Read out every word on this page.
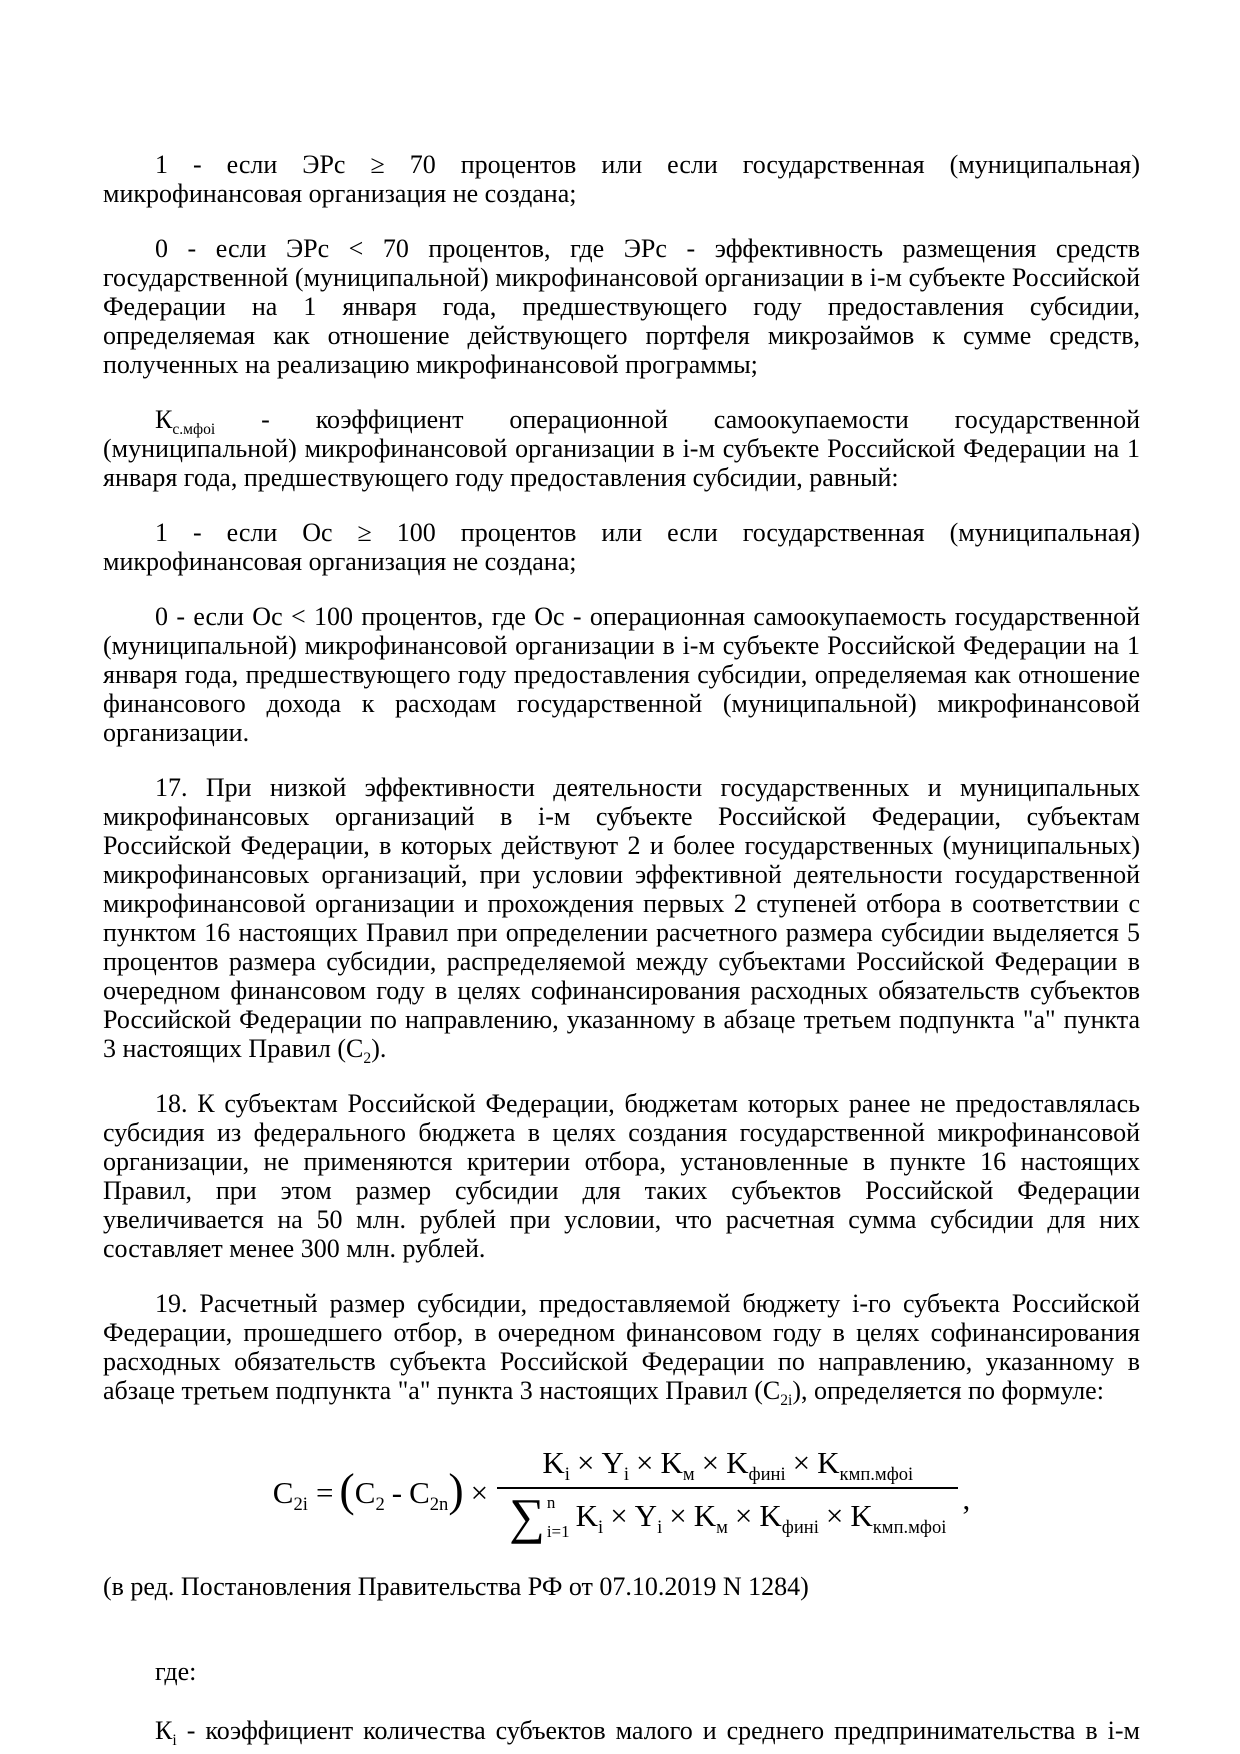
1 - если ЭРс ≥ 70 процентов или если государственная (муниципальная) микрофинансовая организация не создана;

0 - если ЭРс < 70 процентов, где ЭРс - эффективность размещения средств государственной (муниципальной) микрофинансовой организации в i-м субъекте Российской Федерации на 1 января года, предшествующего году предоставления субсидии, определяемая как отношение действующего портфеля микрозаймов к сумме средств, полученных на реализацию микрофинансовой программы;

$К_{с.мфоі}$ - коэффициент операционной самоокупаемости государственной (муниципальной) микрофинансовой организации в i-м субъекте Российской Федерации на 1 января года, предшествующего году предоставления субсидии, равный:

1 - если Ос ≥ 100 процентов или если государственная (муниципальная) микрофинансовая организация не создана;

0 - если Ос < 100 процентов, где Ос - операционная самоокупаемость государственной (муниципальной) микрофинансовой организации в i-м субъекте Российской Федерации на 1 января года, предшествующего году предоставления субсидии, определяемая как отношение финансового дохода к расходам государственной (муниципальной) микрофинансовой организации.

17. При низкой эффективности деятельности государственных и муниципальных микрофинансовых организаций в i-м субъекте Российской Федерации, субъектам Российской Федерации, в которых действуют 2 и более государственных (муниципальных) микрофинансовых организаций, при условии эффективной деятельности государственной микрофинансовой организации и прохождения первых 2 ступеней отбора в соответствии с пунктом 16 настоящих Правил при определении расчетного размера субсидии выделяется 5 процентов размера субсидии, распределяемой между субъектами Российской Федерации в очередном финансовом году в целях софинансирования расходных обязательств субъектов Российской Федерации по направлению, указанному в абзаце третьем подпункта "а" пункта 3 настоящих Правил $(С_2)$.

18. К субъектам Российской Федерации, бюджетам которых ранее не предоставлялась субсидия из федерального бюджета в целях создания государственной микрофинансовой организации, не применяются критерии отбора, установленные в пункте 16 настоящих Правил, при этом размер субсидии для таких субъектов Российской Федерации увеличивается на 50 млн. рублей при условии, что расчетная сумма субсидии для них составляет менее 300 млн. рублей.

19. Расчетный размер субсидии, предоставляемой бюджету i-го субъекта Российской Федерации, прошедшего отбор, в очередном финансовом году в целях софинансирования расходных обязательств субъекта Российской Федерации по направлению, указанному в абзаце третьем подпункта "а" пункта 3 настоящих Правил $(С_{2i})$, определяется по формуле:

$C_{2i}$ = ( $C_2 - C_{2n}$ ) ×
$K_i \times Y_i \times K_м \times K_{фині} \times K_{кмп.мфоі}$
∑ n
i=1 $K_i \times Y_i \times K_м \times K_{фині} \times K_{кмп.мфоі}$
,

(в ред. Постановления Правительства РФ от 07.10.2019 N 1284)

где:

$К_i$ - коэффициент количества субъектов малого и среднего предпринимательства в i-м
